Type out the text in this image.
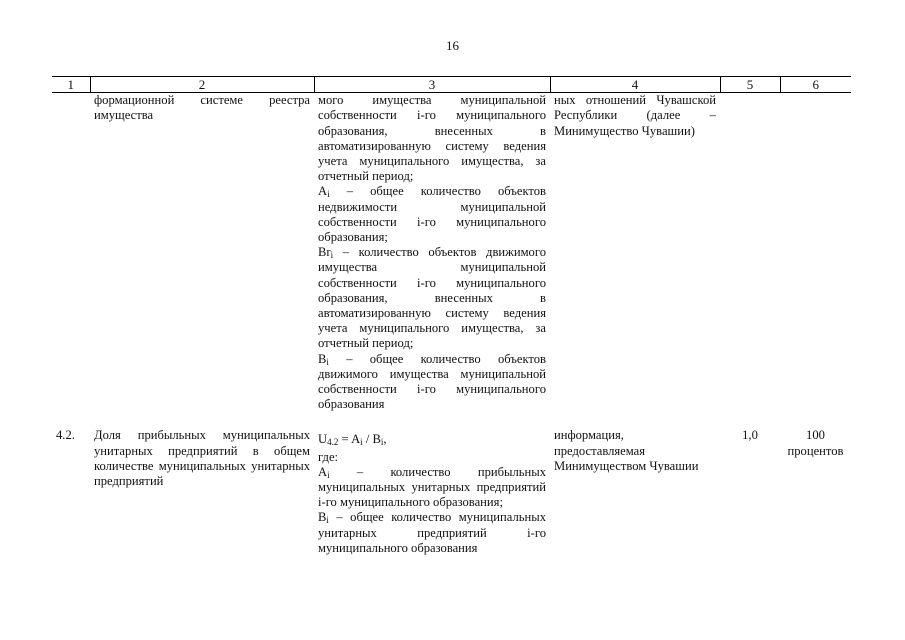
16
1	2	3	4	5	6
	формационной системе реестра имущества	мого имущества муниципальной собственности i-го муниципального образования, внесенных в автоматизированную систему ведения учета муниципального имущества, за отчетный период;
$A_i$ – общее количество объектов недвижимости муниципальной собственности i-го муниципального образования;
$Br_i$ – количество объектов движимого имущества муниципальной собственности i-го муниципального образования, внесенных в автоматизированную систему ведения учета муниципального имущества, за отчетный период;
$B_i$ – общее количество объектов движимого имущества муниципальной собственности i-го муниципального образования	ных отношений Чувашской Республики (далее – Минимущество Чувашии)		

4.2.	Доля прибыльных муниципальных унитарных предприятий в общем количестве муниципальных унитарных предприятий	$U_{4.2} = A_i / B_i$,
где:
$A_i$ – количество прибыльных муниципальных унитарных предприятий i-го муниципального образования;
$B_i$ – общее количество муниципальных унитарных предприятий i-го муниципального образования	информация, предоставляемая Минимуществом Чувашии	1,0	100 процентов
